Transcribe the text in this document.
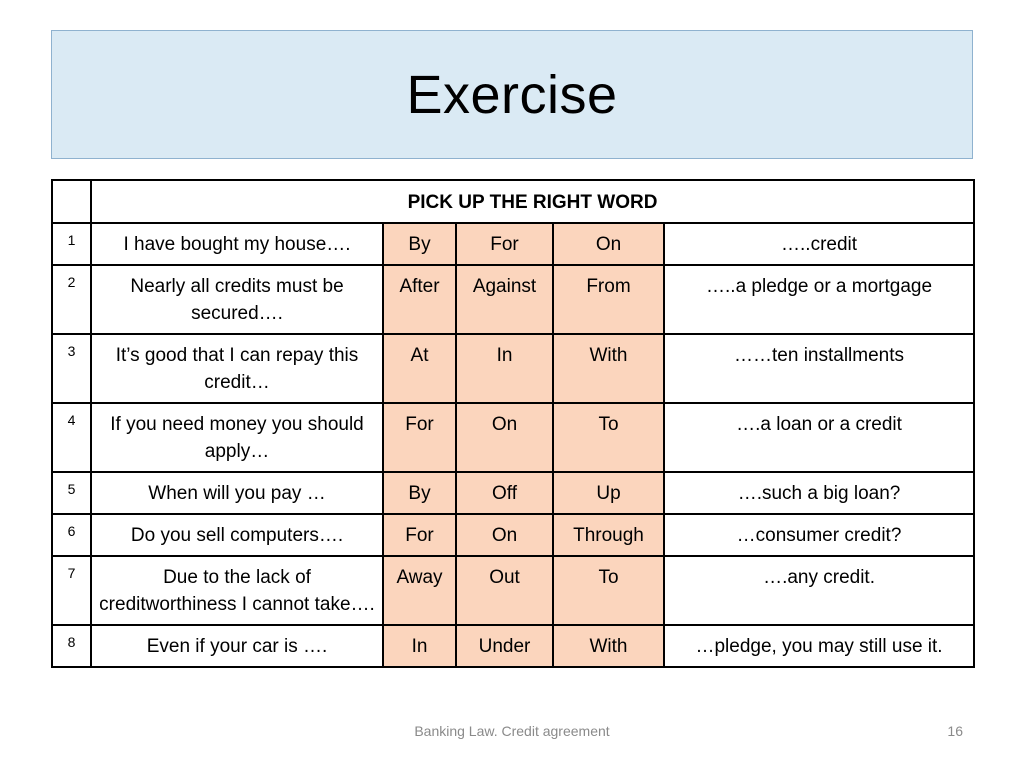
Exercise
	PICK UP THE RIGHT WORD				
1	I have bought my house….	By	For	On	…..credit
2	Nearly all credits must be secured….	After	Against	From	…..a pledge or a mortgage
3	It’s good that I can repay this credit…	At	In	With	……ten installments
4	If you need money you should apply…	For	On	To	….a loan or a credit
5	When will you pay …	By	Off	Up	….such a big loan?
6	Do you sell computers….	For	On	Through	…consumer credit?
7	Due to the lack of creditworthiness I cannot take….	Away	Out	To	….any credit.
8	Even if your car is ….	In	Under	With	…pledge, you may still use it.
Banking Law. Credit agreement	16
